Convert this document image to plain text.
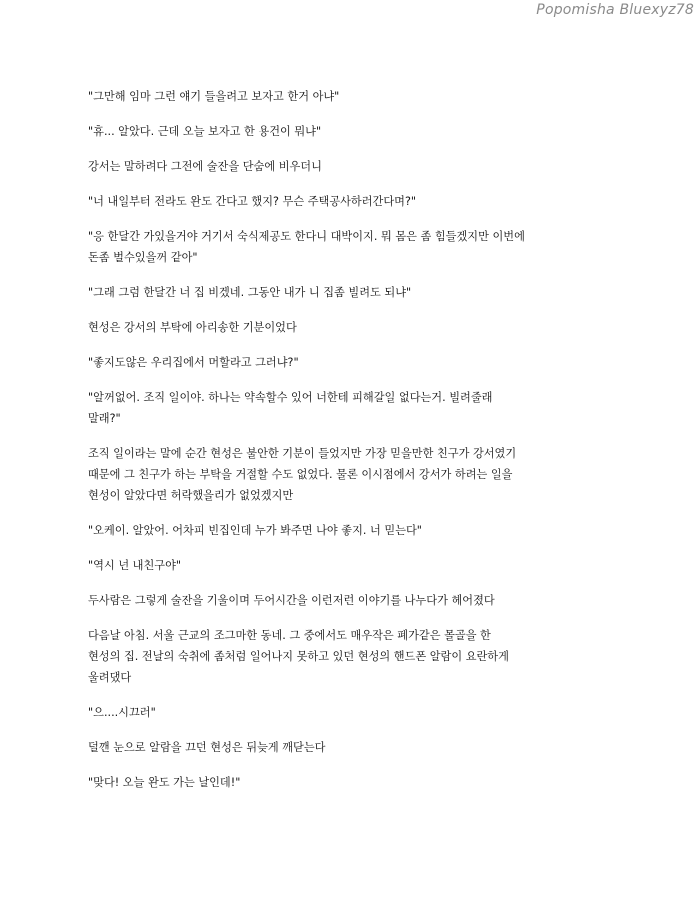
Popomisha Bluexyz78

"그만해 임마 그런 얘기 들을려고 보자고 한거 아냐"

"휴... 알았다. 근데 오늘 보자고 한 용건이 뭐냐"

강서는 말하려다 그전에 술잔을 단숨에 비우더니

"너 내일부터 전라도 완도 간다고 했지? 무슨 주택공사하러간다며?"

"응 한달간 가있을거야 거기서 숙식제공도 한다니 대박이지. 뭐 몸은 좀 힘들겠지만 이번에
돈좀 벌수있을꺼 같아"

"그래 그럼 한달간 너 집 비겠네. 그동안 내가 니 집좀 빌려도 되냐"

현성은 강서의 부탁에 아리송한 기분이었다

"좋지도않은 우리집에서 머할라고 그러냐?"

"알꺼없어. 조직 일이야. 하나는 약속할수 있어 너한테 피해갈일 없다는거. 빌려줄래
말래?"

조직 일이라는 말에 순간 현성은 불안한 기분이 들었지만 가장 믿을만한 친구가 강서였기
때문에 그 친구가 하는 부탁을 거절할 수도 없었다. 물론 이시점에서 강서가 하려는 일을
현성이 알았다면 허락했을리가 없었겠지만

"오케이. 알았어. 어차피 빈집인데 누가 봐주면 나야 좋지. 너 믿는다"

"역시 넌 내친구야"

두사람은 그렇게 술잔을 기울이며 두어시간을 이런저런 이야기를 나누다가 헤어졌다

다음날 아침. 서울 근교의 조그마한 동네. 그 중에서도 매우작은 폐가같은 몰골을 한
현성의 집. 전날의 숙취에 좀처럼 일어나지 못하고 있던 현성의 핸드폰 알람이 요란하게
울려댔다

"으....시끄러"

덜깬 눈으로 알람을 끄던 현성은 뒤늦게 깨닫는다

"맞다! 오늘 완도 가는 날인데!"
